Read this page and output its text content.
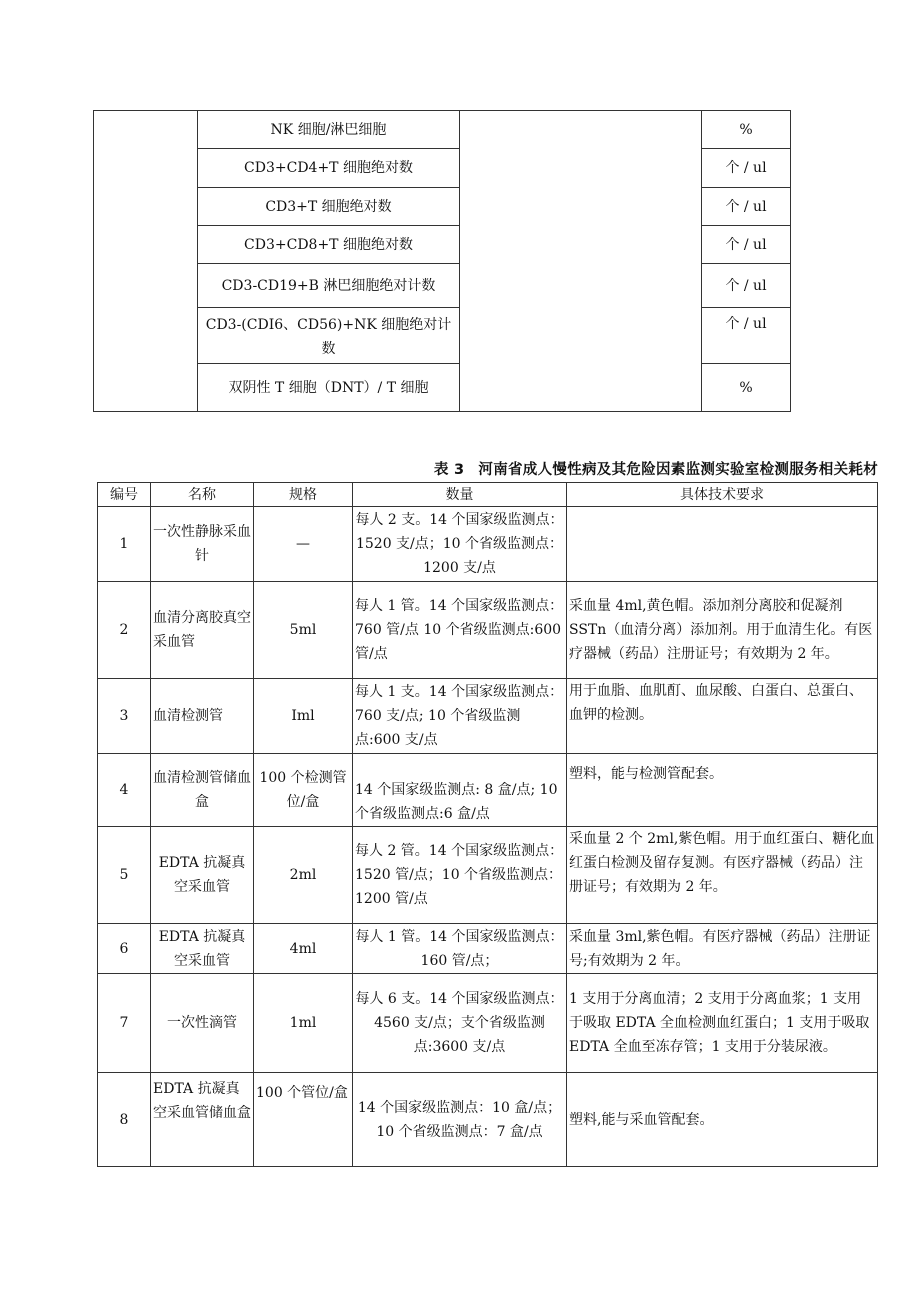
	NK 细胞/淋巴细胞		%
	CD3+CD4+T 细胞绝对数		个 / ul
	CD3+T 细胞绝对数		个 / ul
	CD3+CD8+T 细胞绝对数		个 / ul
	CD3-CD19+B 淋巴细胞绝对计数		个 / ul
	CD3-(CDI6、CD56)+NK 细胞绝对计数		个 / ul
	双阴性 T 细胞（DNT）/ T 细胞		%
表 3 河南省成人慢性病及其危险因素监测实验室检测服务相关耗材
编号	名称	规格	数量	具体技术要求
1	一次性静脉采血针	—	每人 2 支。14 个国家级监测点：1520 支/点；10 个省级监测点：1200 支/点	
2	血清分离胶真空采血管	5ml	每人 1 管。14 个国家级监测点：760 管/点 10 个省级监测点:600 管/点	采血量 4ml,黄色帽。添加剂分离胶和促凝剂 SSTn（血清分离）添加剂。用于血清生化。有医疗器械（药品）注册证号；有效期为 2 年。
3	血清检测管	Iml	每人 1 支。14 个国家级监测点：760 支/点; 10 个省级监测点:600 支/点	用于血脂、血肌酊、血尿酸、白蛋白、总蛋白、血钾的检测。
4	血清检测管储血盒	100 个检测管位/盒	14 个国家级监测点: 8 盒/点; 10 个省级监测点:6 盒/点	塑料，能与检测管配套。
5	EDTA 抗凝真空采血管	2ml	每人 2 管。14 个国家级监测点：1520 管/点；10 个省级监测点：1200 管/点	采血量 2 个 2ml,紫色帽。用于血红蛋白、糖化血红蛋白检测及留存复测。有医疗器械（药品）注册证号；有效期为 2 年。
6	EDTA 抗凝真空采血管	4ml	每人 1 管。14 个国家级监测点：160 管/点；	采血量 3ml,紫色帽。有医疗器械（药品）注册证号;有效期为 2 年。
7	一次性滴管	1ml	每人 6 支。14 个国家级监测点：4560 支/点；支个省级监测点:3600 支/点	1 支用于分离血清；2 支用于分离血浆；1 支用于吸取 EDTA 全血检测血红蛋白；1 支用于吸取 EDTA 全血至冻存管；1 支用于分装尿液。
8	EDTA 抗凝真空采血管储血盒	100 个管位/盒	14 个国家级监测点：10 盒/点；10 个省级监测点：7 盒/点	塑料,能与采血管配套。
